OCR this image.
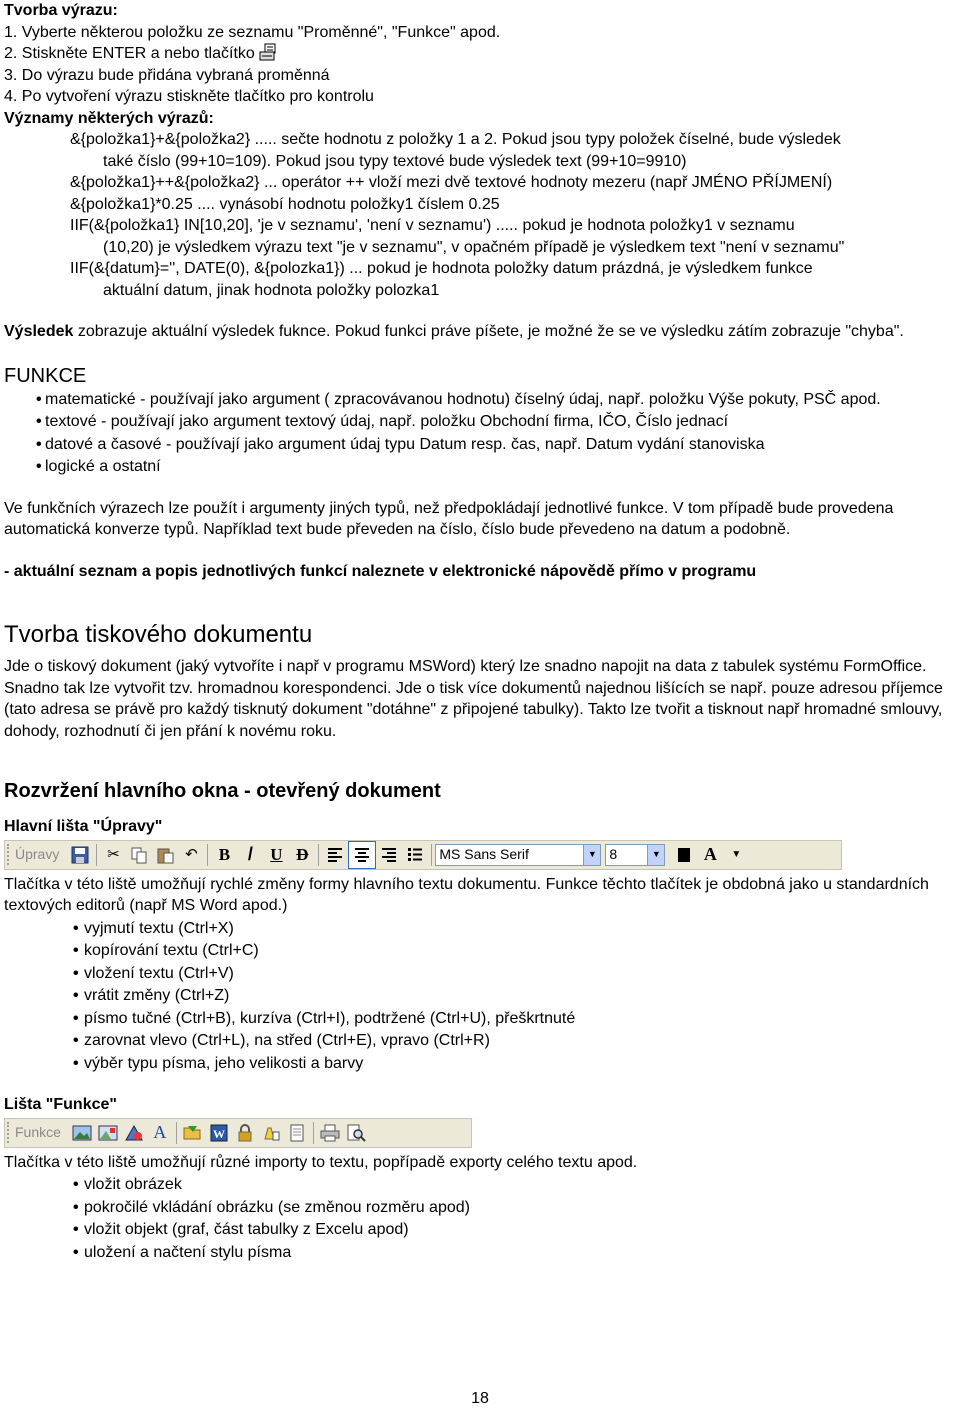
Tvorba výrazu:

1. Vyberte některou položku ze seznamu "Proměnné", "Funkce" apod.

2. Stiskněte ENTER a nebo tlačítko

3. Do výrazu bude přidána vybraná proměnná

4. Po vytvoření výrazu stiskněte tlačítko pro kontrolu

Významy některých výrazů:

&{položka1}+&{položka2} ..... sečte hodnotu z položky 1 a 2. Pokud jsou typy položek číselné, bude výsledek

také číslo (99+10=109). Pokud jsou typy textové bude výsledek text (99+10=9910)

&{položka1}++&{položka2} ... operátor ++ vloží mezi dvě textové hodnoty mezeru (např JMÉNO PŘÍJMENÍ)

&{položka1}*0.25 .... vynásobí hodnotu položky1 číslem 0.25

IIF(&{položka1} IN[10,20], 'je v seznamu', 'není v seznamu') ..... pokud je hodnota položky1 v seznamu

(10,20) je výsledkem výrazu text "je v seznamu", v opačném případě je výsledkem text "není v seznamu"

IIF(&{datum}='', DATE(0), &{polozka1}) ... pokud je hodnota položky datum prázdná, je výsledkem funkce

aktuální datum, jinak hodnota položky polozka1

Výsledek zobrazuje aktuální výsledek fuknce. Pokud funkci práve píšete, je možné že se ve výsledku zátím zobrazuje "chyba".

FUNKCE

• matematické - používají jako argument ( zpracovávanou hodnotu) číselný údaj, např. položku Výše pokuty, PSČ apod.
• textové - používají jako argument textový údaj, např. položku Obchodní firma, IČO, Číslo jednací
• datové a časové - používají jako argument údaj typu Datum resp. čas, např. Datum vydání stanoviska
• logické a ostatní

Ve funkčních výrazech lze použít i argumenty jiných typů, než předpokládají jednotlivé funkce. V tom případě bude provedena automatická konverze typů. Například text bude převeden na číslo, číslo bude převedeno na datum a podobně.

- aktuální seznam a popis jednotlivých funkcí naleznete v elektronické nápovědě přímo v programu

Tvorba tiskového dokumentu

Jde o tiskový dokument (jaký vytvoříte i např v programu MSWord) který lze snadno napojit na data z tabulek systému FormOffice. Snadno tak lze vytvořit tzv. hromadnou korespondenci. Jde o tisk více dokumentů najednou lišících se např. pouze adresou příjemce (tato adresa se právě pro každý tisknutý dokument "dotáhne" z připojené tabulky). Takto lze tvořit a tisknout např hromadné smlouvy, dohody, rozhodnutí či jen přání k novému roku.

Rozvržení hlavního okna - otevřený dokument

Hlavní lišta "Úpravy"

Úpravy	✂	↶	B /	U D	MS Sans Serif	▼ 8	▼	A	▼

Tlačítka v této liště umožňují rychlé změny formy hlavního textu dokumentu. Funkce těchto tlačítek je obdobná jako u standardních textových editorů (např MS Word apod.)

• vyjmutí textu (Ctrl+X)
• kopírování textu (Ctrl+C)
• vložení textu (Ctrl+V)
• vrátit změny (Ctrl+Z)
• písmo tučné (Ctrl+B), kurzíva (Ctrl+I), podtržené (Ctrl+U), přeškrtnuté
• zarovnat vlevo (Ctrl+L), na střed (Ctrl+E), vpravo (Ctrl+R)
• výběr typu písma, jeho velikosti a barvy

Lišta "Funkce"

Funkce	A	W

Tlačítka v této liště umožňují různé importy to textu, popřípadě exporty celého textu apod.

• vložit obrázek
• pokročilé vkládání obrázku (se změnou rozměru apod)
• vložit objekt (graf, část tabulky z Excelu apod)
• uložení a načtení stylu písma
18
